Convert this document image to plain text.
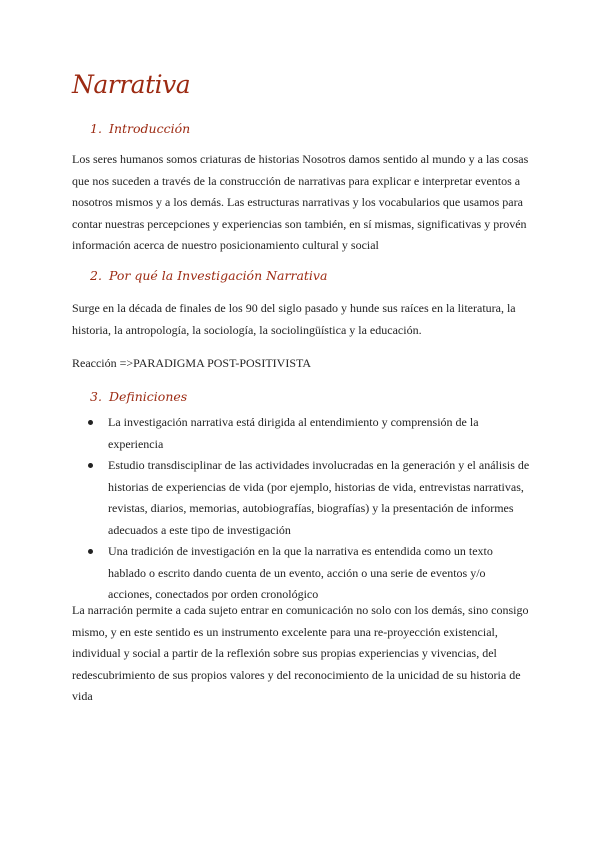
Narrativa
1. Introducción

Los seres humanos somos criaturas de historias Nosotros damos sentido al mundo y a las cosas que nos suceden a través de la construcción de narrativas para explicar e interpretar eventos a nosotros mismos y a los demás. Las estructuras narrativas y los vocabularios que usamos para contar nuestras percepciones y experiencias son también, en sí mismas, significativas y provén información acerca de nuestro posicionamiento cultural y social

2. Por qué la Investigación Narrativa

Surge en la década de finales de los 90 del siglo pasado y hunde sus raíces en la literatura, la historia, la antropología, la sociología, la sociolingüística y la educación.

Reacción =>PARADIGMA POST-POSITIVISTA

3. Definiciones
La investigación narrativa está dirigida al entendimiento y comprensión de la experiencia
Estudio transdisciplinar de las actividades involucradas en la generación y el análisis de historias de experiencias de vida (por ejemplo, historias de vida, entrevistas narrativas, revistas, diarios, memorias, autobiografías, biografías) y la presentación de informes adecuados a este tipo de investigación
Una tradición de investigación en la que la narrativa es entendida como un texto hablado o escrito dando cuenta de un evento, acción o una serie de eventos y/o acciones, conectados por orden cronológico

La narración permite a cada sujeto entrar en comunicación no solo con los demás, sino consigo mismo, y en este sentido es un instrumento excelente para una re-proyección existencial, individual y social a partir de la reflexión sobre sus propias experiencias y vivencias, del redescubrimiento de sus propios valores y del reconocimiento de la unicidad de su historia de vida
